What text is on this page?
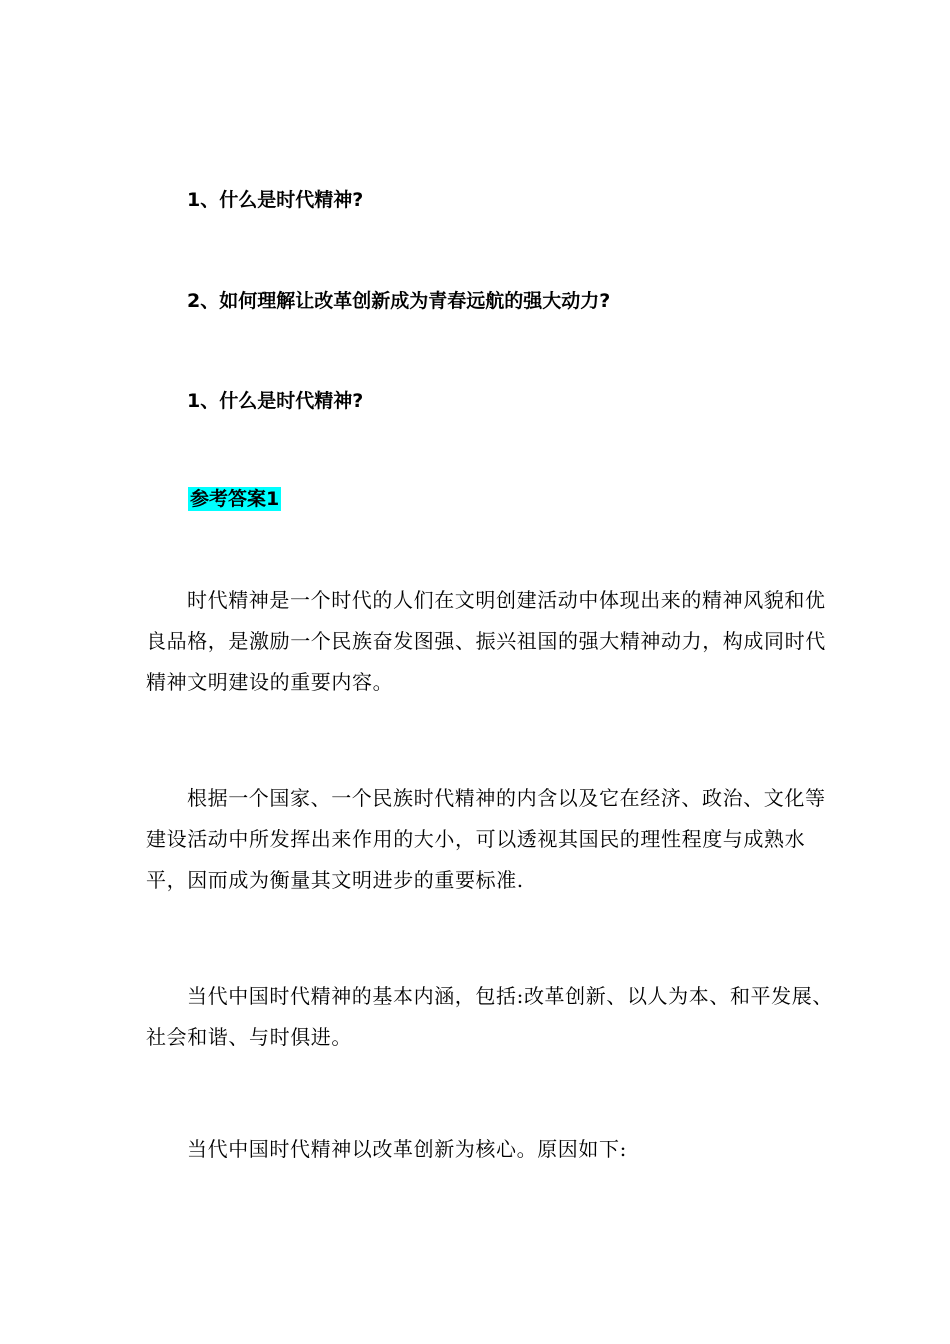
1、什么是时代精神?
2、如何理解让改革创新成为青春远航的强大动力?
1、什么是时代精神?
参考答案1

时代精神是一个时代的人们在文明创建活动中体现出来的精神风貌和优良品格，是激励一个民族奋发图强、振兴祖国的强大精神动力，构成同时代精神文明建设的重要内容。

根据一个国家、一个民族时代精神的内含以及它在经济、政治、文化等建设活动中所发挥出来作用的大小，可以透视其国民的理性程度与成熟水平，因而成为衡量其文明进步的重要标准.

当代中国时代精神的基本内涵，包括:改革创新、以人为本、和平发展、社会和谐、与时俱进。

当代中国时代精神以改革创新为核心。原因如下:
